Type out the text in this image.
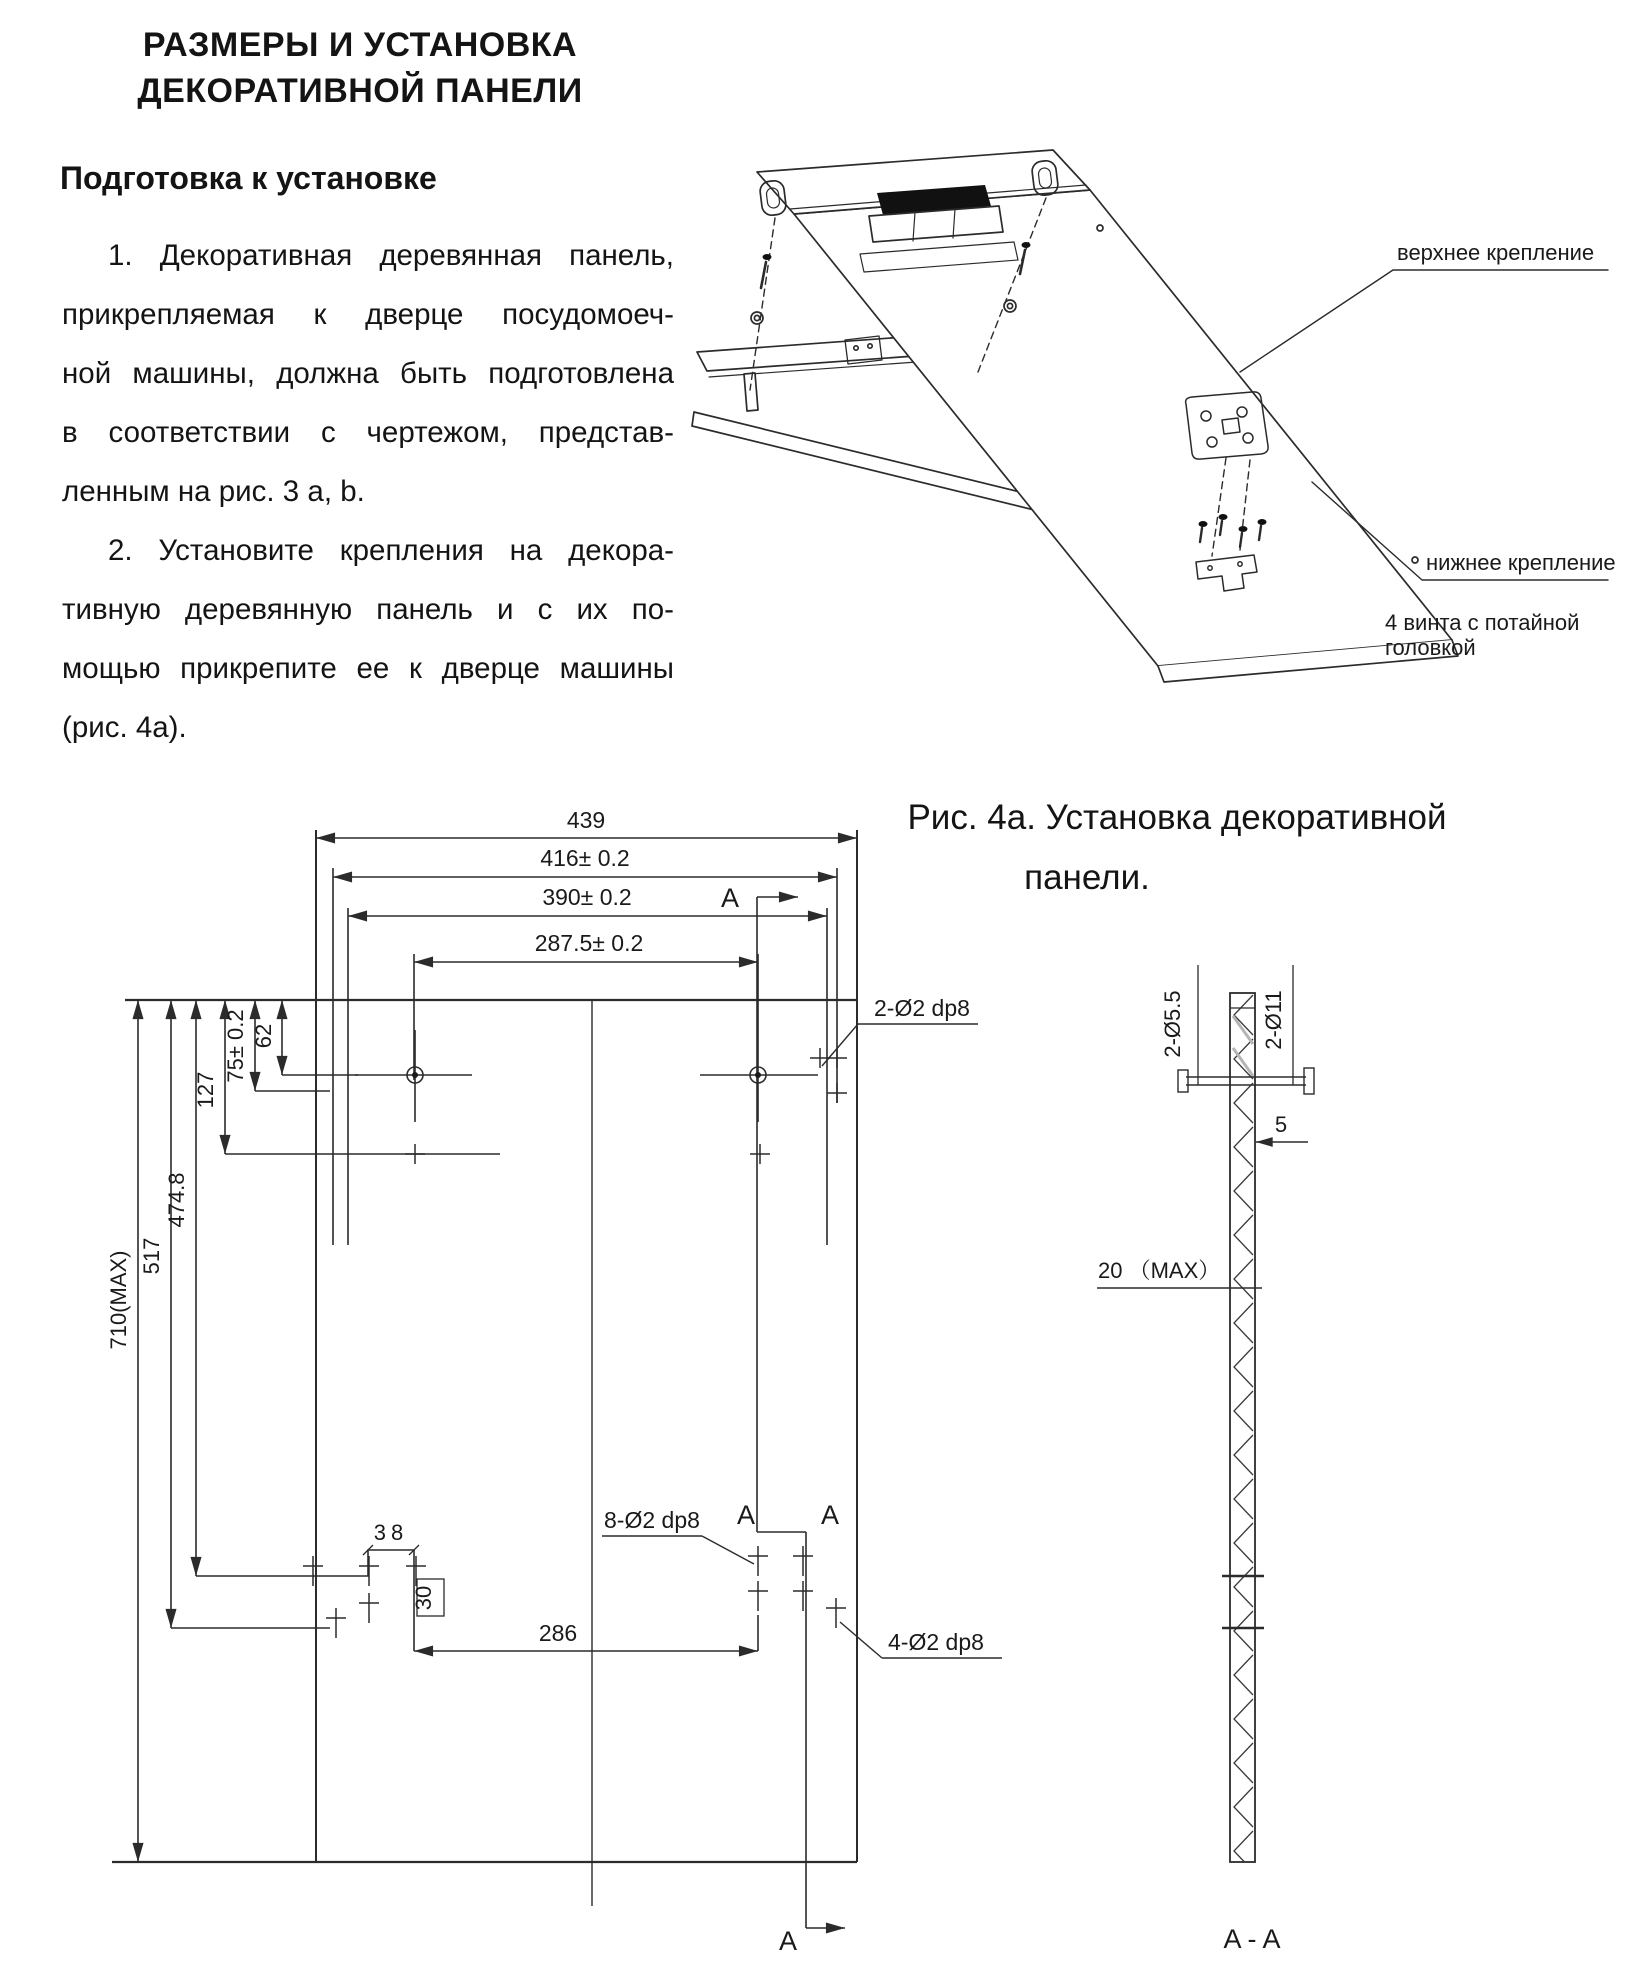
РАЗМЕРЫ И УСТАНОВКА
ДЕКОРАТИВНОЙ ПАНЕЛИ
Подготовка к установке
1. Декоративная деревянная панель,
прикрепляемая к дверце посудомоеч-
ной машины, должна быть подготовлена
в соответствии с чертежом, представ-
ленным на рис. 3 a, b.
2. Установите крепления на декора-
тивную деревянную панель и с их по-
мощью прикрепите ее к дверце машины
(рис. 4а).
Рис. 4а. Установка декоративной
панели.
верхнее крепление
нижнее крепление
4 винта с потайной
головкой
439
416± 0.2
390± 0.2
287.5± 0.2
A
A A
A
710(MAX) 517
474.8
127
75± 0.2 62
38
30
286
2-Ø2 dp8
8-Ø2 dp8
4-Ø2 dp8
2-Ø5.5	2-Ø11
5
20 （MAX）
A - A
